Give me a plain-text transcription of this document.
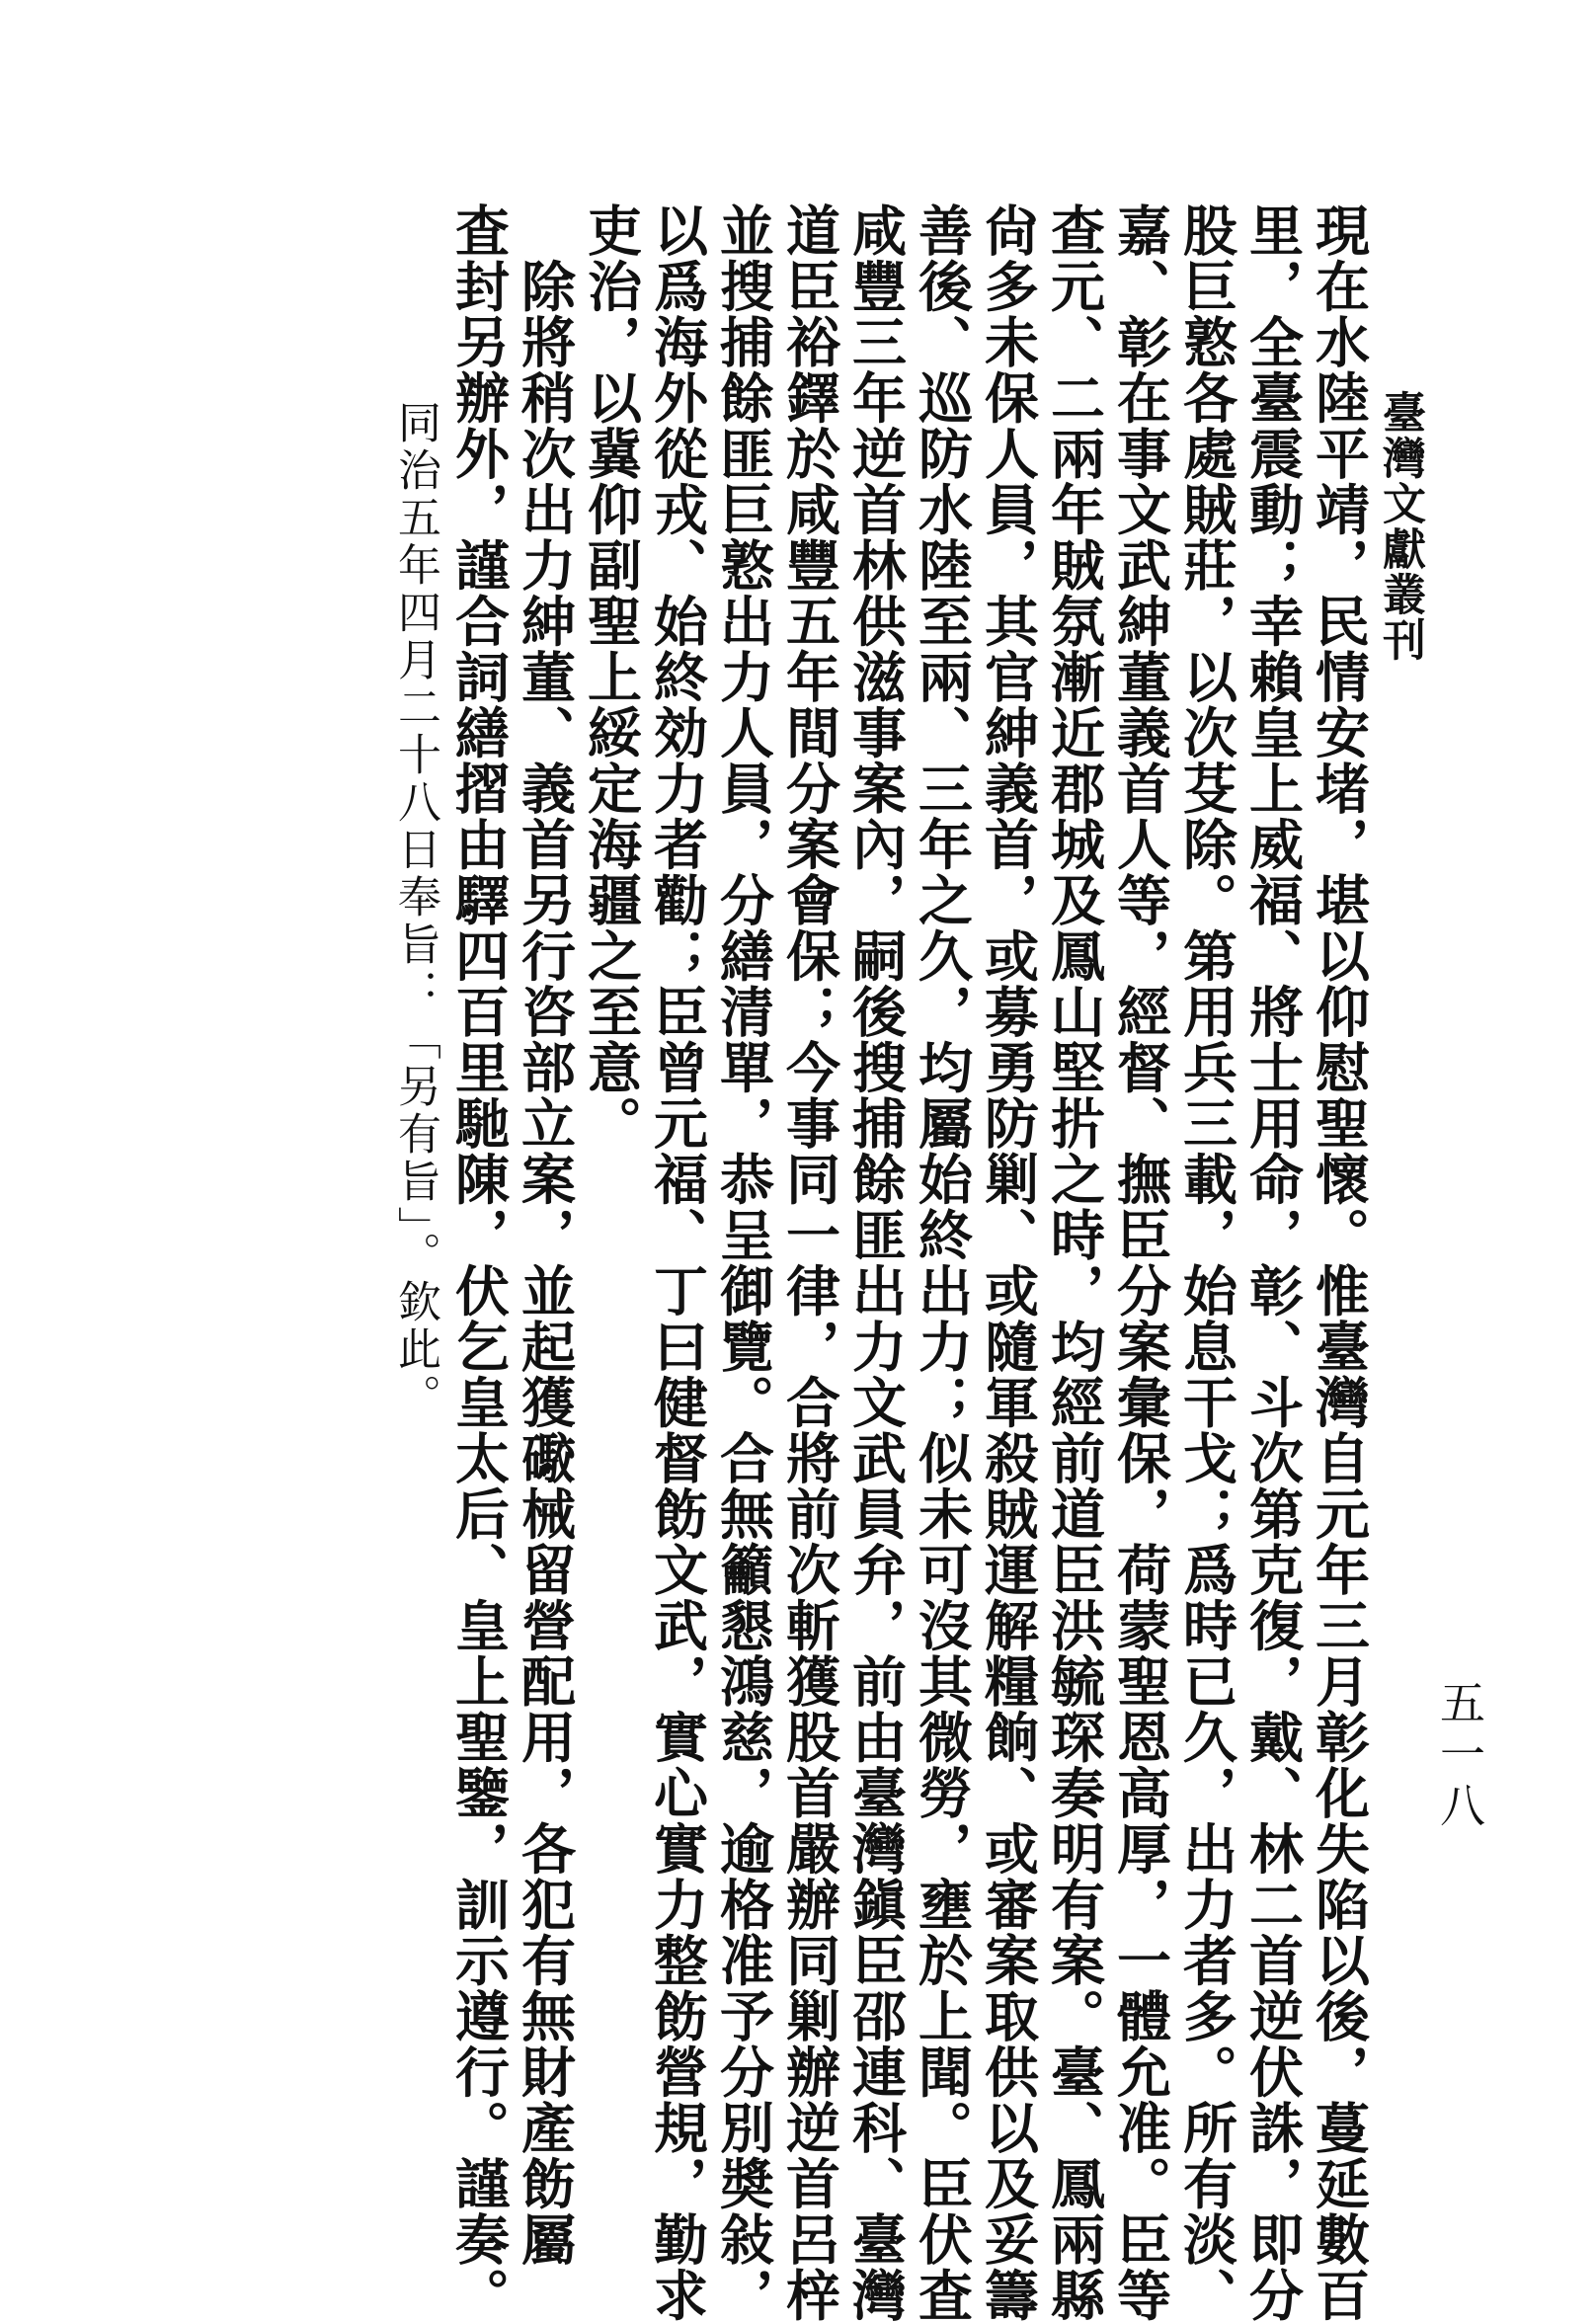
臺灣文獻叢刊
五一八
現在水陸平靖，民情安堵，堪以仰慰聖懷。惟臺灣自元年三月彰化失陷以後，蔓延數百
里，全臺震動；幸賴皇上威福、將士用命，彰、斗次第克復，戴、林二首逆伏誅，即分
股巨憝各處賊莊，以次芟除。第用兵三載，始息干戈；爲時已久，出力者多。所有淡、
嘉、彰在事文武紳董義首人等，經督、撫臣分案彙保，荷蒙聖恩高厚，一體允准。臣等
查元、二兩年賊氛漸近郡城及鳳山堅扸之時，均經前道臣洪毓琛奏明有案。臺、鳳兩縣
尙多未保人員，其官紳義首，或募勇防剿、或隨軍殺賊運解糧餉、或審案取供以及妥籌
善後、巡防水陸至兩、三年之久，均屬始終出力；似未可沒其微勞，壅於上聞。臣伏査
咸豐三年逆首林供滋事案內，嗣後搜捕餘匪出力文武員弁，前由臺灣鎭臣邵連科、臺灣
道臣裕鐸於咸豐五年間分案會保；今事同一律，合將前次斬獲股首嚴辦同剿辦逆首呂梓
並搜捕餘匪巨憝出力人員，分繕清單，恭呈御覽。合無籲懇鴻慈，逾格准予分別奬敍，
以爲海外從戎、始終効力者勸；臣曾元福、丁曰健督飭文武，實心實力整飭營規，勤求
吏治，以冀仰副聖上綏定海疆之至意。
　除將稍次出力紳董、義首另行咨部立案，並起獲礮械留營配用，各犯有無財產飭屬
査封另辦外，謹合詞繕摺由驛四百里馳陳，伏乞皇太后、皇上聖鑒，訓示遵行。謹奏。
同治五年四月二十八日奉旨：「另有旨」。欽此。
